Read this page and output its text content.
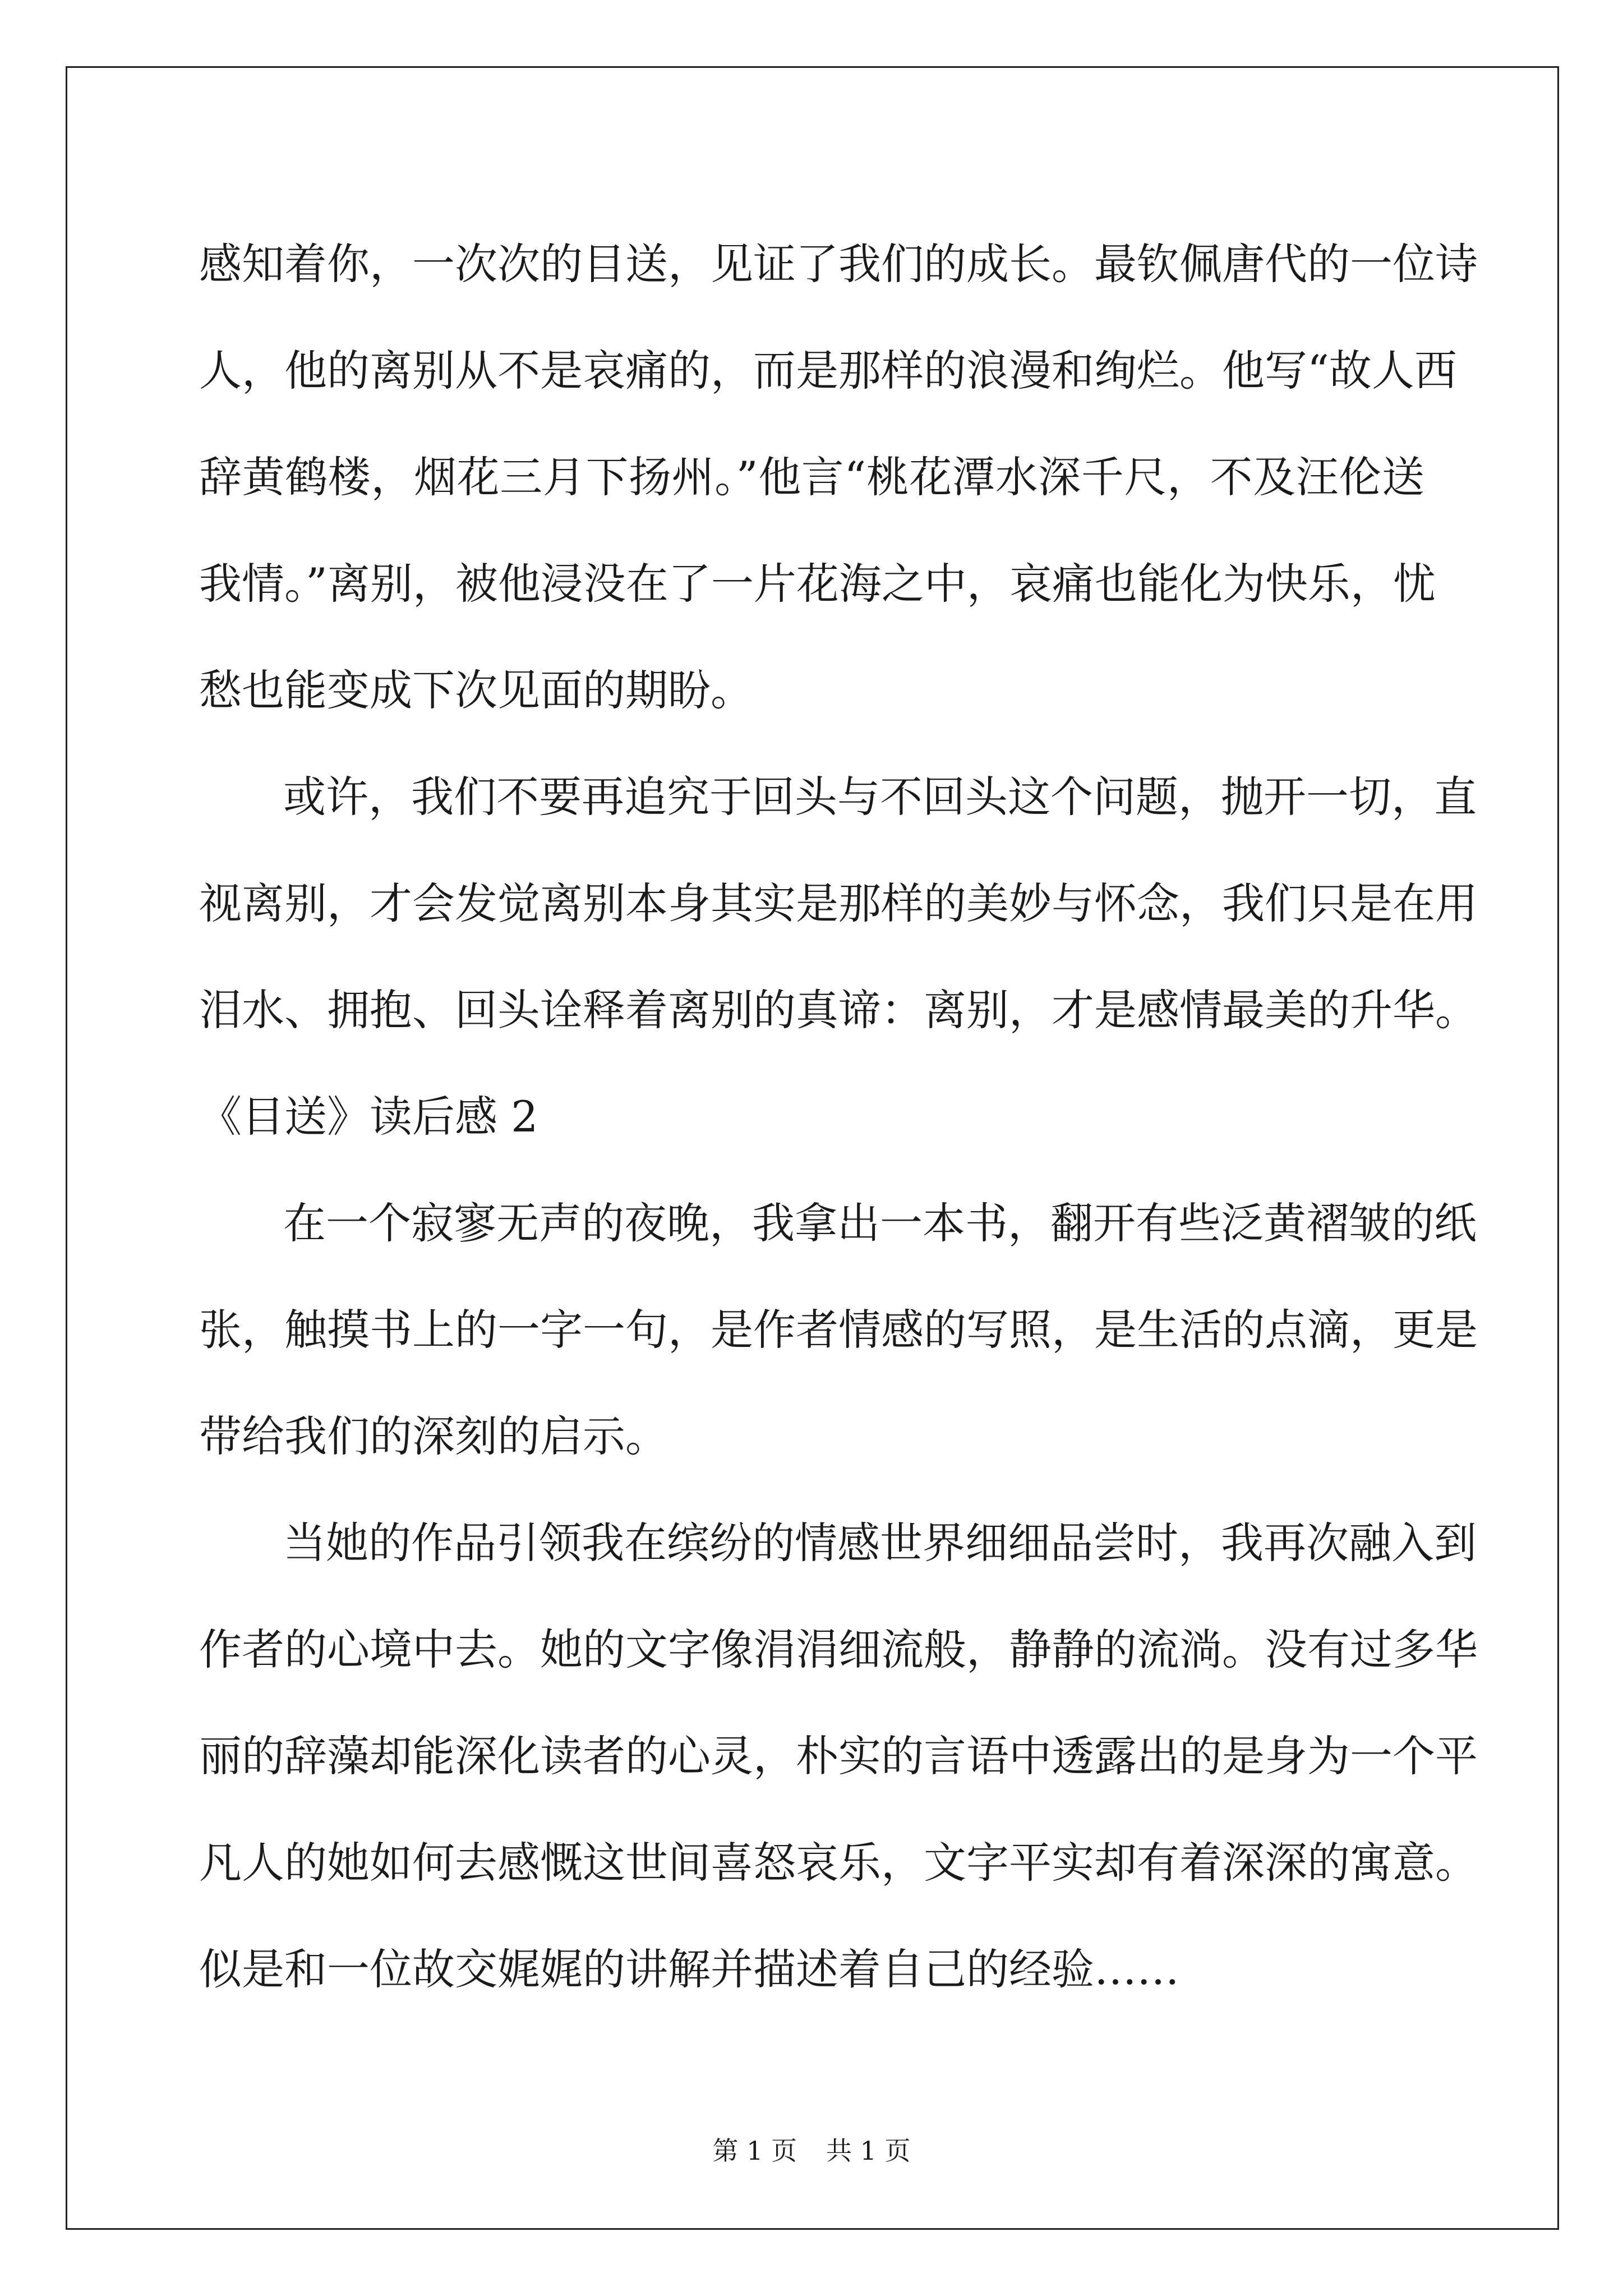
感知着你，一次次的目送，见证了我们的成长。最钦佩唐代的一位诗
人，他的离别从不是哀痛的，而是那样的浪漫和绚烂。他写“故人西
辞黄鹤楼，烟花三月下扬州。”他言“桃花潭水深千尺，不及汪伦送
我情。”离别，被他浸没在了一片花海之中，哀痛也能化为快乐，忧
愁也能变成下次见面的期盼。
或许，我们不要再追究于回头与不回头这个问题，抛开一切，直
视离别，才会发觉离别本身其实是那样的美妙与怀念，我们只是在用
泪水、拥抱、回头诠释着离别的真谛：离别，才是感情最美的升华。
《目送》读后感 2
在一个寂寥无声的夜晚，我拿出一本书，翻开有些泛黄褶皱的纸
张，触摸书上的一字一句，是作者情感的写照，是生活的点滴，更是
带给我们的深刻的启示。
当她的作品引领我在缤纷的情感世界细细品尝时，我再次融入到
作者的心境中去。她的文字像涓涓细流般，静静的流淌。没有过多华
丽的辞藻却能深化读者的心灵，朴实的言语中透露出的是身为一个平
凡人的她如何去感慨这世间喜怒哀乐，文字平实却有着深深的寓意。
似是和一位故交娓娓的讲解并描述着自己的经验……
第 1 页 共 1 页
